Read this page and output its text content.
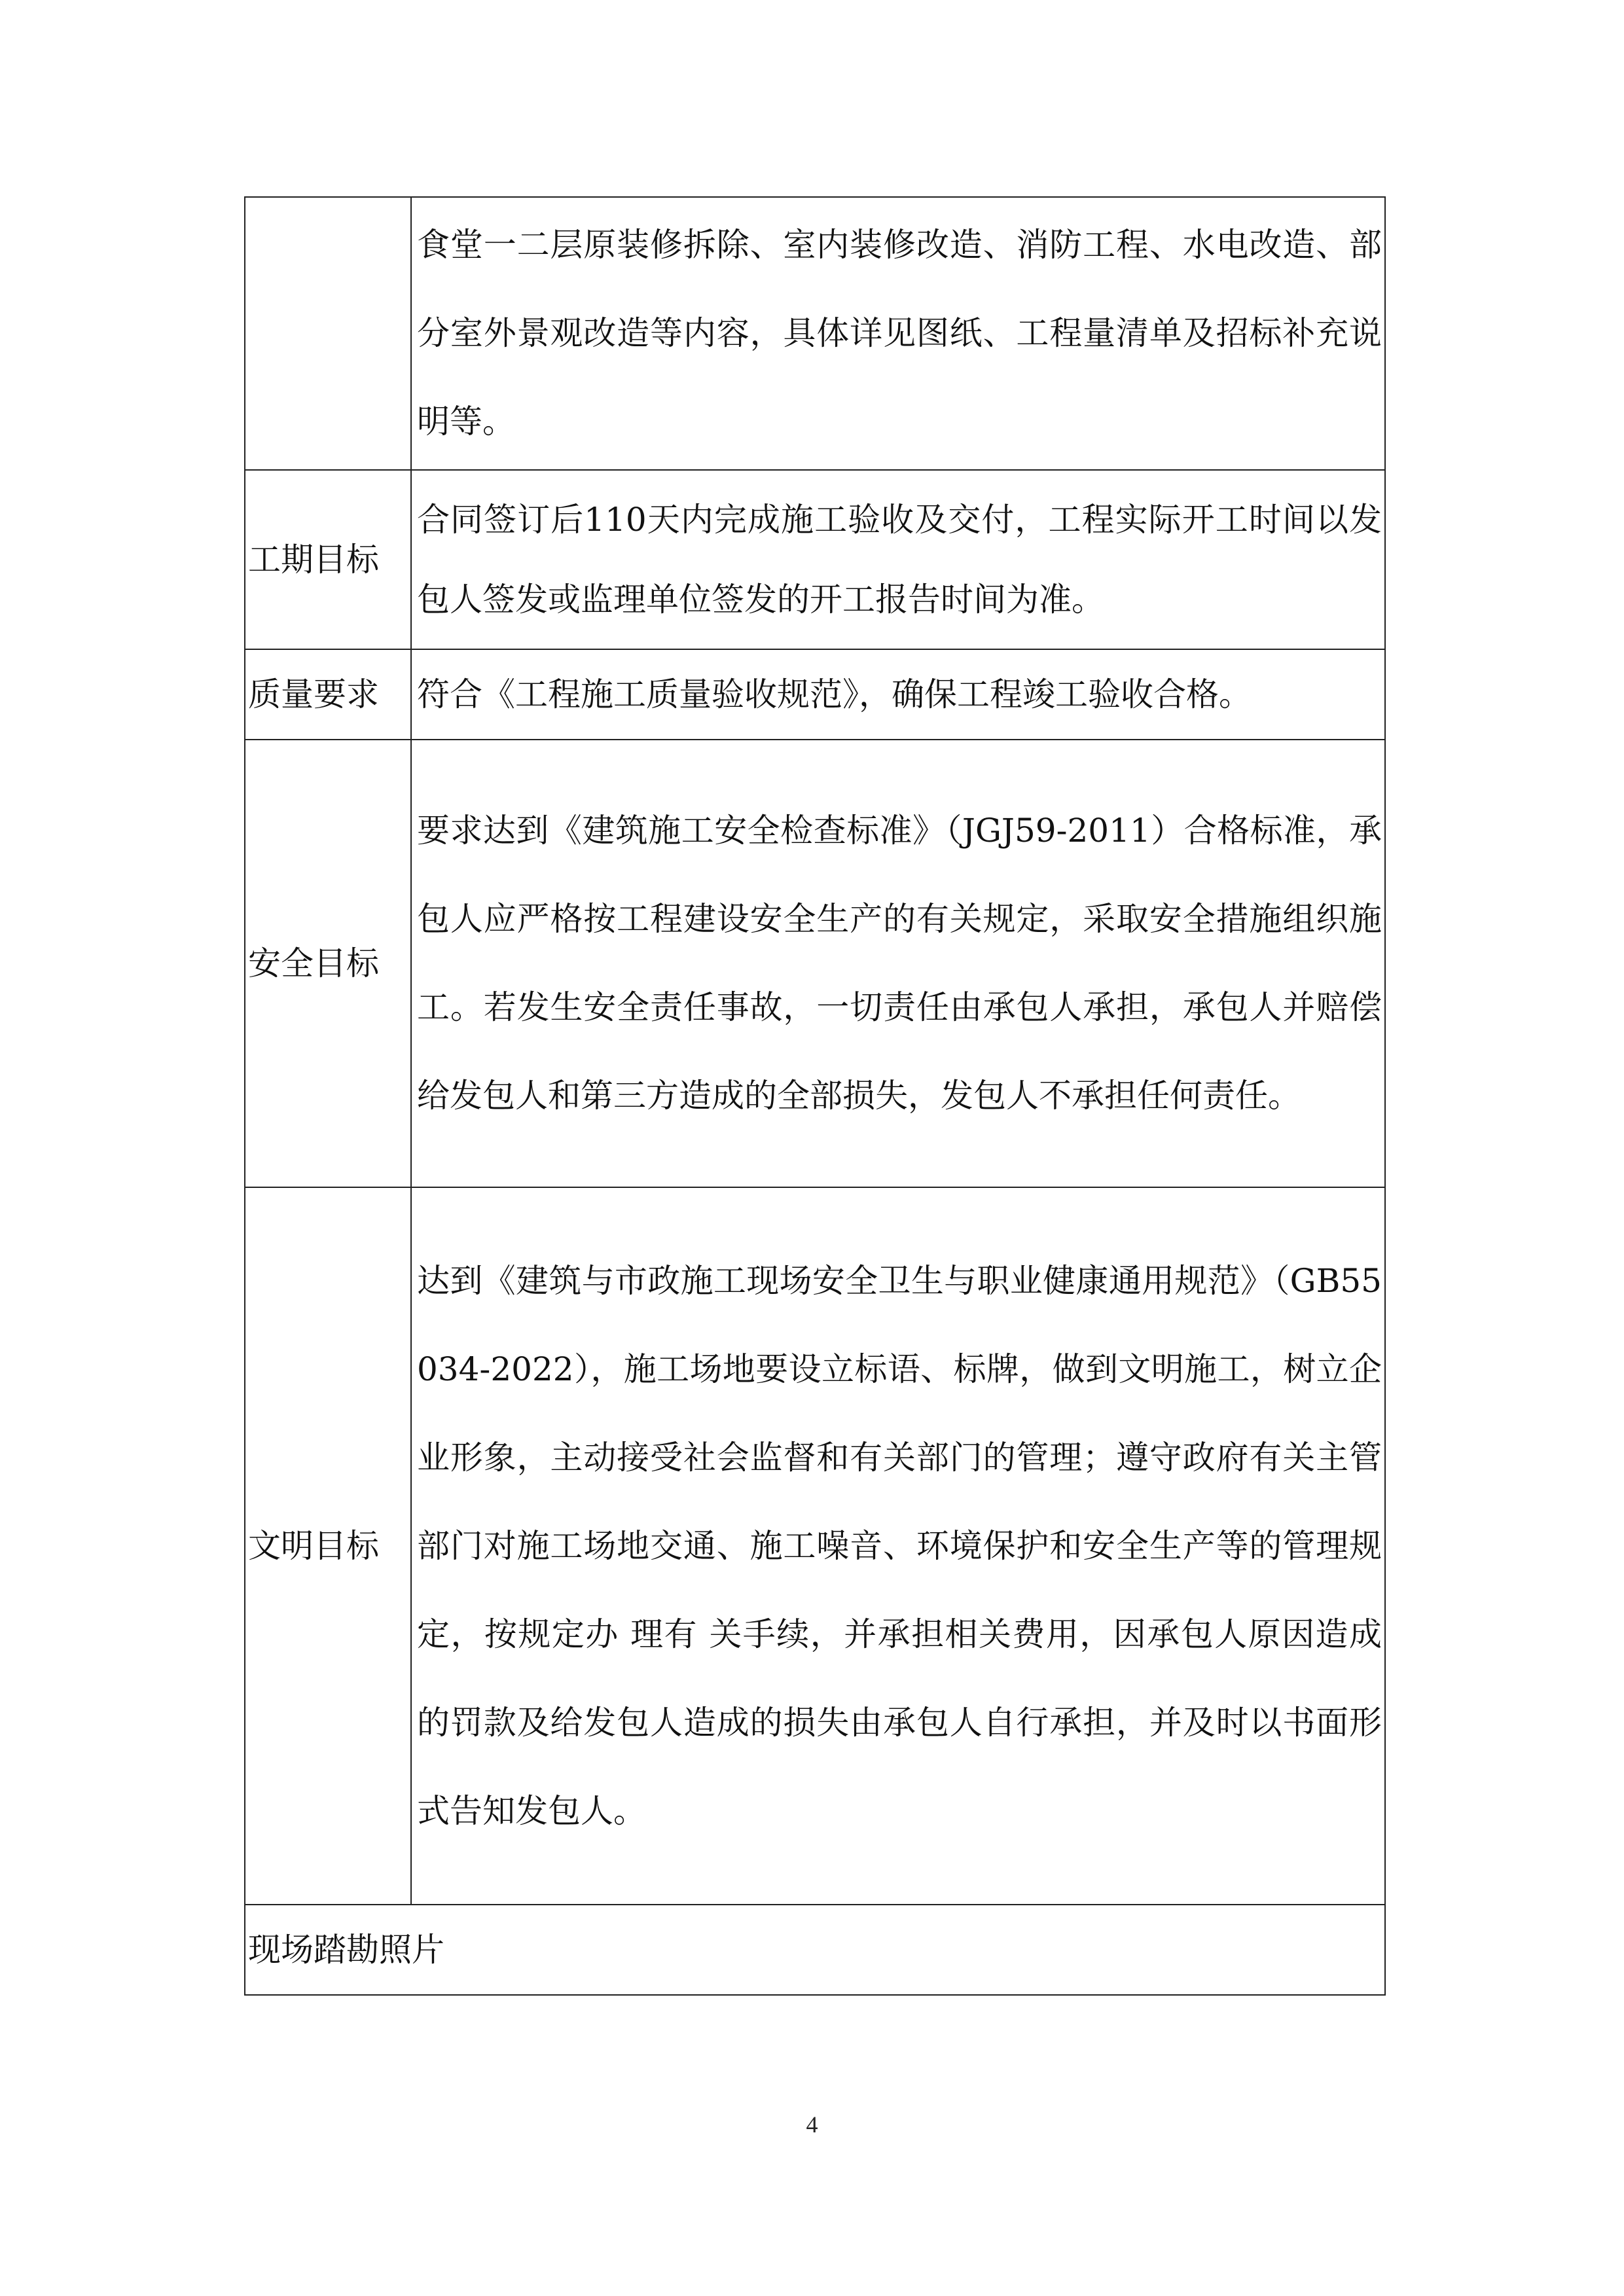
	食堂一二层原装修拆除、室内装修改造、消防工程、水电改造、部分室外景观改造等内容，具体详见图纸、工程量清单及招标补充说明等。
工期目标	合同签订后110天内完成施工验收及交付，工程实际开工时间以发包人签发或监理单位签发的开工报告时间为准。
质量要求	符合《工程施工质量验收规范》，确保工程竣工验收合格。
安全目标	要求达到《建筑施工安全检查标准》（JGJ59-2011）合格标准，承包人应严格按工程建设安全生产的有关规定，采取安全措施组织施工。若发生安全责任事故，一切责任由承包人承担，承包人并赔偿给发包人和第三方造成的全部损失，发包人不承担任何责任。
文明目标	达到《建筑与市政施工现场安全卫生与职业健康通用规范》（GB55034-2022），施工场地要设立标语、标牌，做到文明施工，树立企业形象，主动接受社会监督和有关部门的管理；遵守政府有关主管部门对施工场地交通、施工噪音、环境保护和安全生产等的管理规定，按规定办 理有 关手续，并承担相关费用，因承包人原因造成的罚款及给发包人造成的损失由承包人自行承担，并及时以书面形式告知发包人。
现场踏勘照片	
4
